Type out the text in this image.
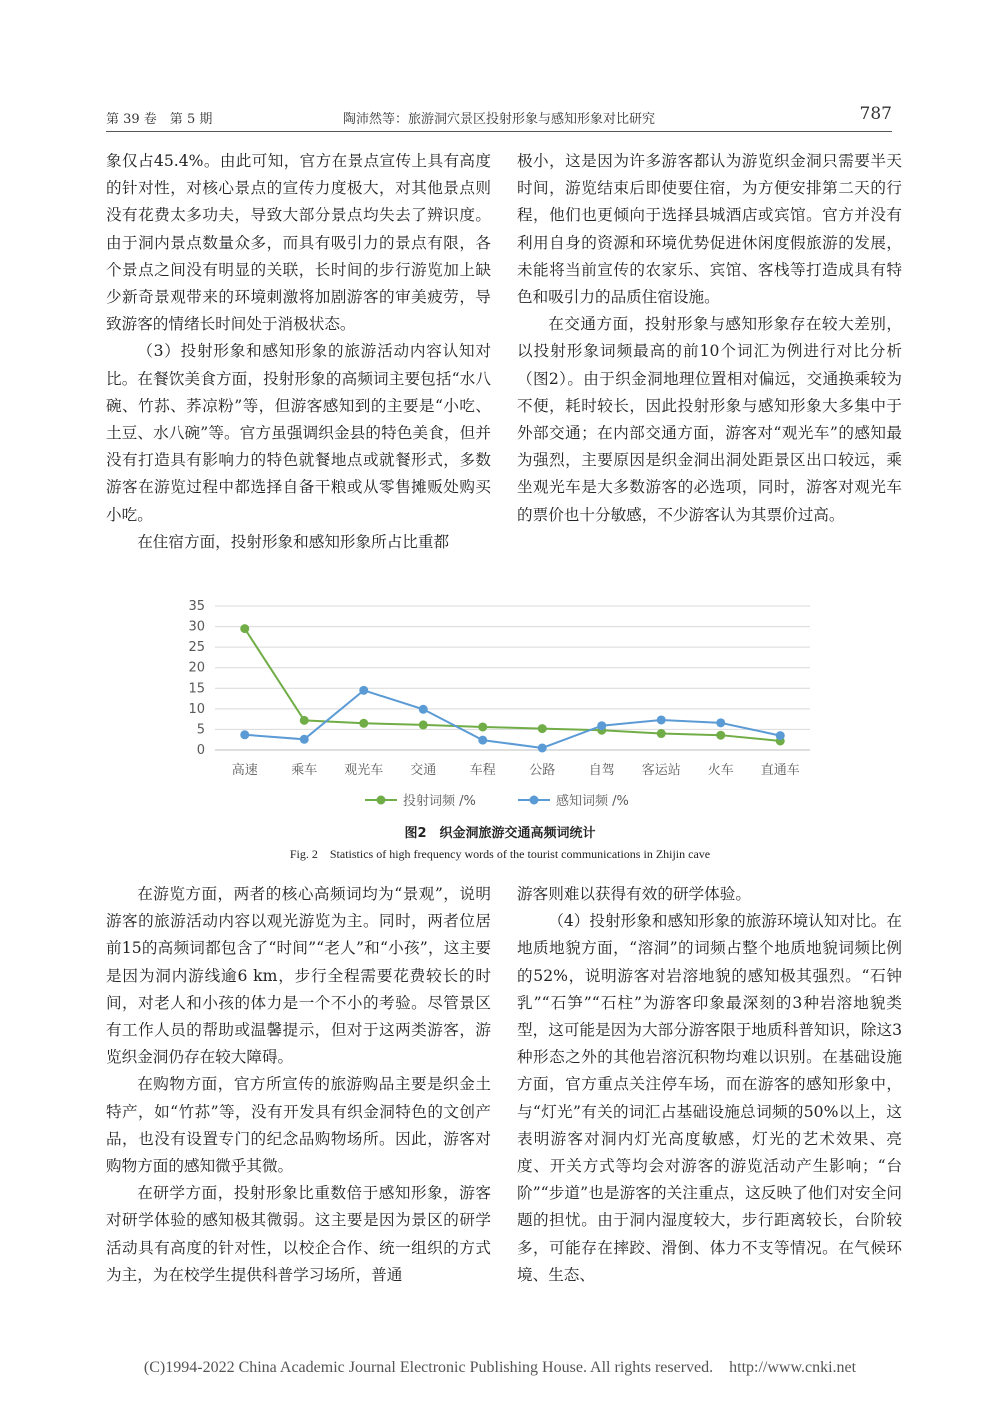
第 39 卷　第 5 期	陶沛然等：旅游洞穴景区投射形象与感知形象对比研究	787

象仅占45.4%。由此可知，官方在景点宣传上具有高度的针对性，对核心景点的宣传力度极大，对其他景点则没有花费太多功夫，导致大部分景点均失去了辨识度。由于洞内景点数量众多，而具有吸引力的景点有限，各个景点之间没有明显的关联，长时间的步行游览加上缺少新奇景观带来的环境刺激将加剧游客的审美疲劳，导致游客的情绪长时间处于消极状态。

（3）投射形象和感知形象的旅游活动内容认知对比。在餐饮美食方面，投射形象的高频词主要包括“水八碗、竹荪、荞凉粉”等，但游客感知到的主要是“小吃、土豆、水八碗”等。官方虽强调织金县的特色美食，但并没有打造具有影响力的特色就餐地点或就餐形式，多数游客在游览过程中都选择自备干粮或从零售摊贩处购买小吃。

在住宿方面，投射形象和感知形象所占比重都

极小，这是因为许多游客都认为游览织金洞只需要半天时间，游览结束后即使要住宿，为方便安排第二天的行程，他们也更倾向于选择县城酒店或宾馆。官方并没有利用自身的资源和环境优势促进休闲度假旅游的发展，未能将当前宣传的农家乐、宾馆、客栈等打造成具有特色和吸引力的品质住宿设施。

在交通方面，投射形象与感知形象存在较大差别，以投射形象词频最高的前10个词汇为例进行对比分析（图2）。由于织金洞地理位置相对偏远，交通换乘较为不便，耗时较长，因此投射形象与感知形象大多集中于外部交通；在内部交通方面，游客对“观光车”的感知最为强烈，主要原因是织金洞出洞处距景区出口较远，乘坐观光车是大多数游客的必选项，同时，游客对观光车的票价也十分敏感，不少游客认为其票价过高。

0
5
10
15
20
25
30
35
高速	乘车 观光车 交通	车程	公路	自驾 客运站 火车 直通车
投射词频 /%	感知词频 /%
图2　织金洞旅游交通高频词统计
Fig. 2　Statistics of high frequency words of the tourist communications in Zhijin cave

在游览方面，两者的核心高频词均为“景观”，说明游客的旅游活动内容以观光游览为主。同时，两者位居前15的高频词都包含了“时间”“老人”和“小孩”，这主要是因为洞内游线逾6 km，步行全程需要花费较长的时间，对老人和小孩的体力是一个不小的考验。尽管景区有工作人员的帮助或温馨提示，但对于这两类游客，游览织金洞仍存在较大障碍。

在购物方面，官方所宣传的旅游购品主要是织金土特产，如“竹荪”等，没有开发具有织金洞特色的文创产品，也没有设置专门的纪念品购物场所。因此，游客对购物方面的感知微乎其微。

在研学方面，投射形象比重数倍于感知形象，游客对研学体验的感知极其微弱。这主要是因为景区的研学活动具有高度的针对性，以校企合作、统一组织的方式为主，为在校学生提供科普学习场所，普通

游客则难以获得有效的研学体验。

（4）投射形象和感知形象的旅游环境认知对比。在地质地貌方面，“溶洞”的词频占整个地质地貌词频比例的52%，说明游客对岩溶地貌的感知极其强烈。“石钟乳”“石笋”“石柱”为游客印象最深刻的3种岩溶地貌类型，这可能是因为大部分游客限于地质科普知识，除这3种形态之外的其他岩溶沉积物均难以识别。在基础设施方面，官方重点关注停车场，而在游客的感知形象中，与“灯光”有关的词汇占基础设施总词频的50%以上，这表明游客对洞内灯光高度敏感，灯光的艺术效果、亮度、开关方式等均会对游客的游览活动产生影响；“台阶”“步道”也是游客的关注重点，这反映了他们对安全问题的担忧。由于洞内湿度较大，步行距离较长，台阶较多，可能存在摔跤、滑倒、体力不支等情况。在气候环境、生态、

(C)1994-2022 China Academic Journal Electronic Publishing House. All rights reserved.　http://www.cnki.net
